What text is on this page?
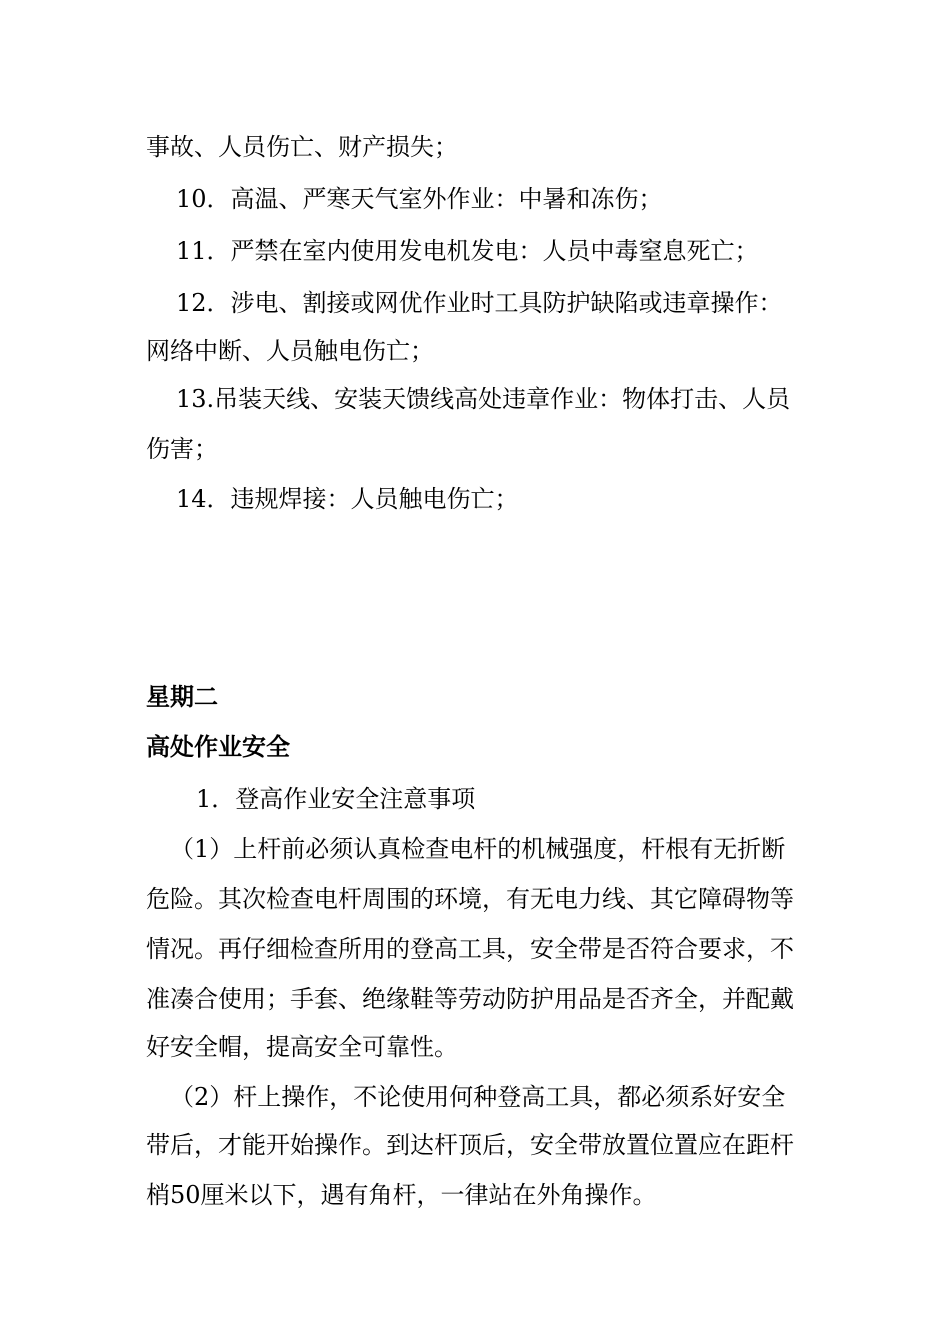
事故、人员伤亡、财产损失；
10．高温、严寒天气室外作业：中暑和冻伤；
11．严禁在室内使用发电机发电：人员中毒窒息死亡；
12．涉电、割接或网优作业时工具防护缺陷或违章操作：
网络中断、人员触电伤亡；
13.吊装天线、安装天馈线高处违章作业：物体打击、人员
伤害；
14．违规焊接：人员触电伤亡；
星期二
高处作业安全
1．登高作业安全注意事项
（1）上杆前必须认真检查电杆的机械强度，杆根有无折断
危险。其次检查电杆周围的环境，有无电力线、其它障碍物等
情况。再仔细检查所用的登高工具，安全带是否符合要求，不
准凑合使用；手套、绝缘鞋等劳动防护用品是否齐全，并配戴
好安全帽，提高安全可靠性。
（2）杆上操作，不论使用何种登高工具，都必须系好安全
带后，才能开始操作。到达杆顶后，安全带放置位置应在距杆
梢50厘米以下，遇有角杆，一律站在外角操作。
